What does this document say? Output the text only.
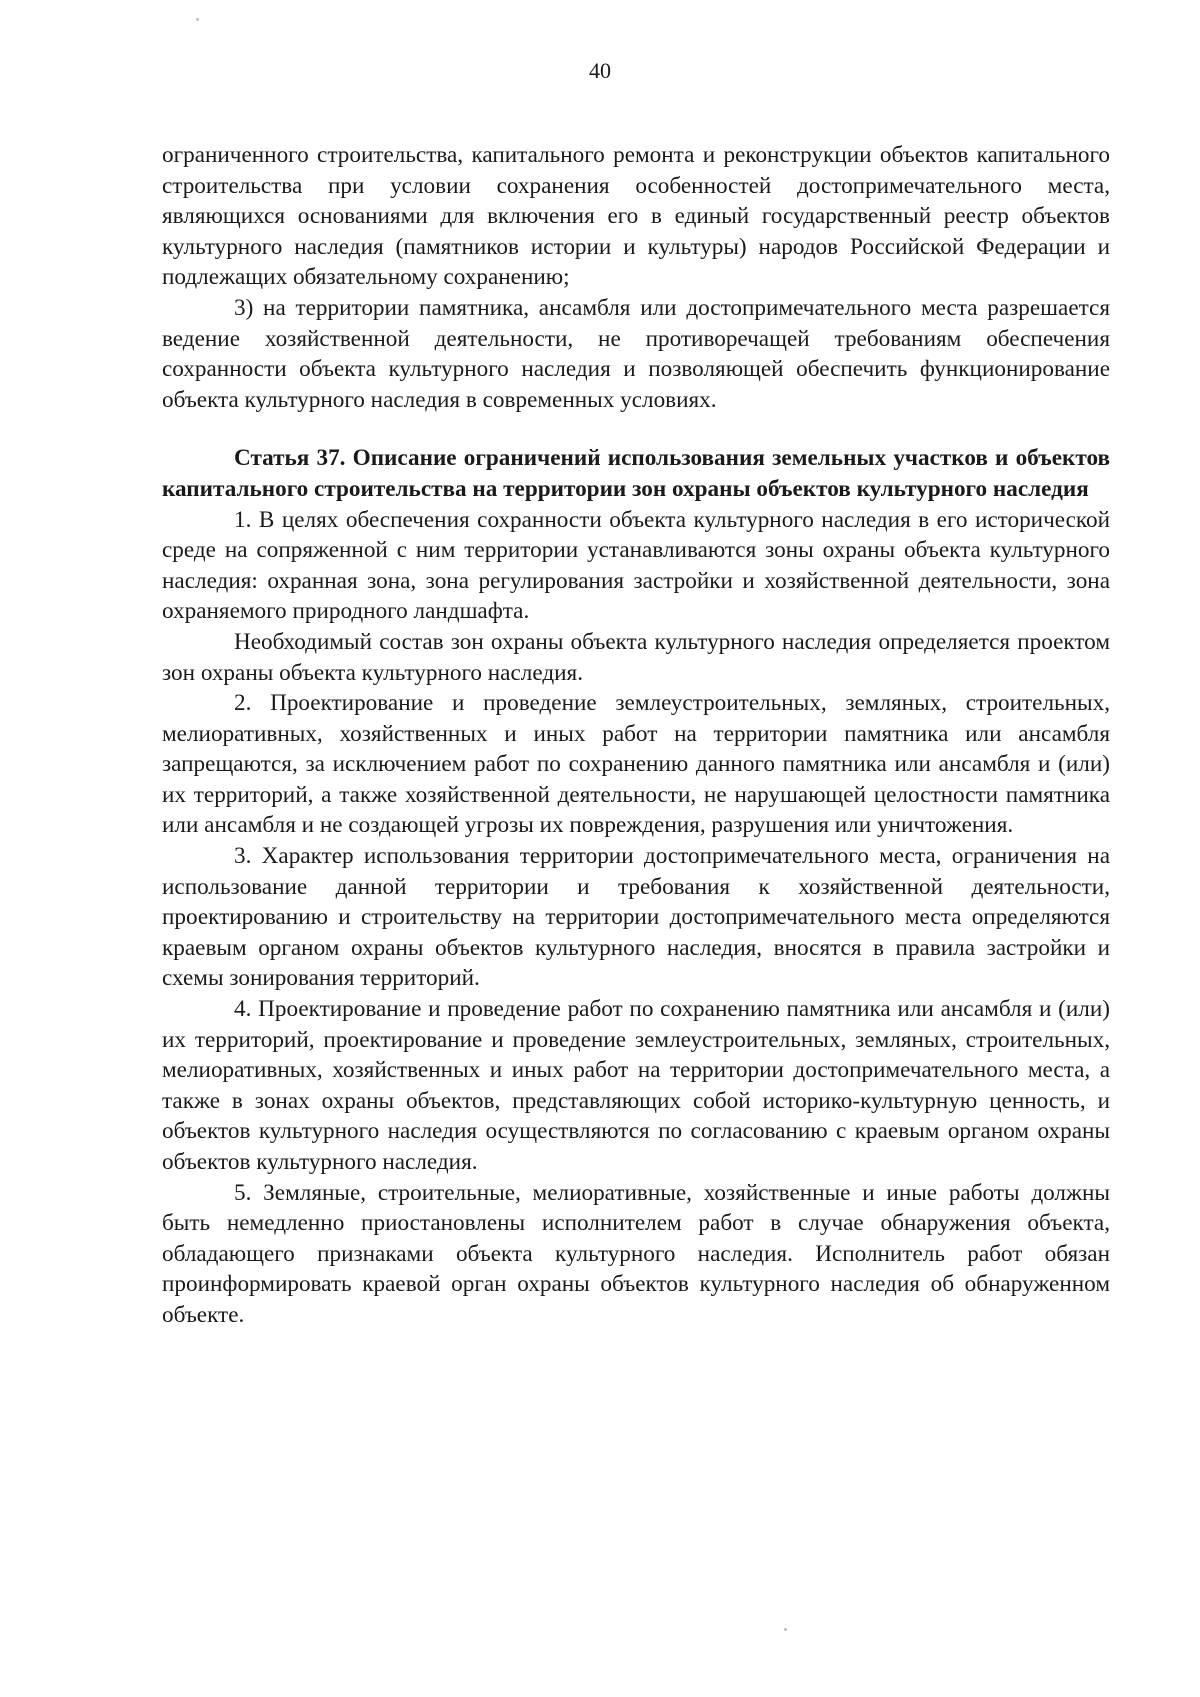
40

ограниченного строительства, капитального ремонта и реконструкции объектов капитального строительства при условии сохранения особенностей достопримечательного места, являющихся основаниями для включения его в единый государственный реестр объектов культурного наследия (памятников истории и культуры) народов Российской Федерации и подлежащих обязательному сохранению;

3) на территории памятника, ансамбля или достопримечательного места разрешается ведение хозяйственной деятельности, не противоречащей требованиям обеспечения сохранности объекта культурного наследия и позволяющей обеспечить функционирование объекта культурного наследия в современных условиях.

Статья 37. Описание ограничений использования земельных участков и объектов капитального строительства на территории зон охраны объектов культурного наследия

1. В целях обеспечения сохранности объекта культурного наследия в его исторической среде на сопряженной с ним территории устанавливаются зоны охраны объекта культурного наследия: охранная зона, зона регулирования застройки и хозяйственной деятельности, зона охраняемого природного ландшафта.

Необходимый состав зон охраны объекта культурного наследия определяется проектом зон охраны объекта культурного наследия.

2. Проектирование и проведение землеустроительных, земляных, строительных, мелиоративных, хозяйственных и иных работ на территории памятника или ансамбля запрещаются, за исключением работ по сохранению данного памятника или ансамбля и (или) их территорий, а также хозяйственной деятельности, не нарушающей целостности памятника или ансамбля и не создающей угрозы их повреждения, разрушения или уничтожения.

3. Характер использования территории достопримечательного места, ограничения на использование данной территории и требования к хозяйственной деятельности, проектированию и строительству на территории достопримечательного места определяются краевым органом охраны объектов культурного наследия, вносятся в правила застройки и схемы зонирования территорий.

4. Проектирование и проведение работ по сохранению памятника или ансамбля и (или) их территорий, проектирование и проведение землеустроительных, земляных, строительных, мелиоративных, хозяйственных и иных работ на территории достопримечательного места, а также в зонах охраны объектов, представляющих собой историко-культурную ценность, и объектов культурного наследия осуществляются по согласованию с краевым органом охраны объектов культурного наследия.

5. Земляные, строительные, мелиоративные, хозяйственные и иные работы должны быть немедленно приостановлены исполнителем работ в случае обнаружения объекта, обладающего признаками объекта культурного наследия. Исполнитель работ обязан проинформировать краевой орган охраны объектов культурного наследия об обнаруженном объекте.
